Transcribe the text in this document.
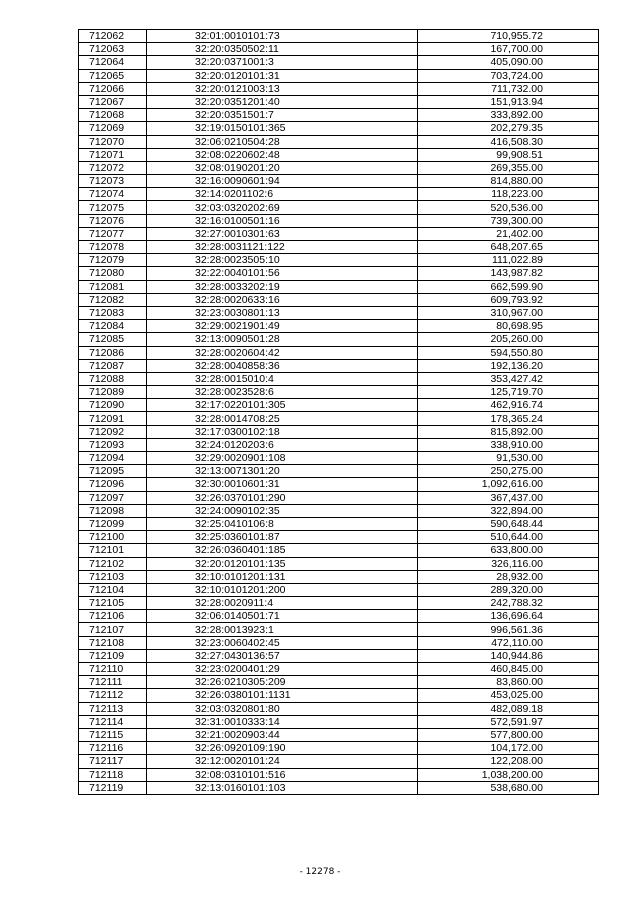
712062	32:01:0010101:73	710,955.72
712063	32:20:0350502:11	167,700.00
712064	32:20:0371001:3	405,090.00
712065	32:20:0120101:31	703,724.00
712066	32:20:0121003:13	711,732.00
712067	32:20:0351201:40	151,913.94
712068	32:20:0351501:7	333,892.00
712069	32:19:0150101:365	202,279.35
712070	32:06:0210504:28	416,508.30
712071	32:08:0220602:48	99,908.51
712072	32:08:0190201:20	269,355.00
712073	32:16:0090601:94	814,880.00
712074	32:14:0201102:6	118,223.00
712075	32:03:0320202:69	520,536.00
712076	32:16:0100501:16	739,300.00
712077	32:27:0010301:63	21,402.00
712078	32:28:0031121:122	648,207.65
712079	32:28:0023505:10	111,022.89
712080	32:22:0040101:56	143,987.82
712081	32:28:0033202:19	662,599.90
712082	32:28:0020633:16	609,793.92
712083	32:23:0030801:13	310,967.00
712084	32:29:0021901:49	80,698.95
712085	32:13:0090501:28	205,260.00
712086	32:28:0020604:42	594,550.80
712087	32:28:0040858:36	192,136.20
712088	32:28:0015010:4	353,427.42
712089	32:28:0023528:6	125,719.70
712090	32:17:0220101:305	462,916.74
712091	32:28:0014708:25	178,365.24
712092	32:17:0300102:18	815,892.00
712093	32:24:0120203:6	338,910.00
712094	32:29:0020901:108	91,530.00
712095	32:13:0071301:20	250,275.00
712096	32:30:0010601:31	1,092,616.00
712097	32:26:0370101:290	367,437.00
712098	32:24:0090102:35	322,894.00
712099	32:25:0410106:8	590,648.44
712100	32:25:0360101:87	510,644.00
712101	32:26:0360401:185	633,800.00
712102	32:20:0120101:135	326,116.00
712103	32:10:0101201:131	28,932.00
712104	32:10:0101201:200	289,320.00
712105	32:28:0020911:4	242,788.32
712106	32:06:0140501:71	136,696.64
712107	32:28:0013923:1	996,561.36
712108	32:23:0060402:45	472,110.00
712109	32:27:0430136:57	140,944.86
712110	32:23:0200401:29	460,845.00
712111	32:26:0210305:209	83,860.00
712112	32:26:0380101:1131	453,025.00
712113	32:03:0320801:80	482,089.18
712114	32:31:0010333:14	572,591.97
712115	32:21:0020903:44	577,800.00
712116	32:26:0920109:190	104,172.00
712117	32:12:0020101:24	122,208.00
712118	32:08:0310101:516	1,038,200.00
712119	32:13:0160101:103	538,680.00
- 12278 -
